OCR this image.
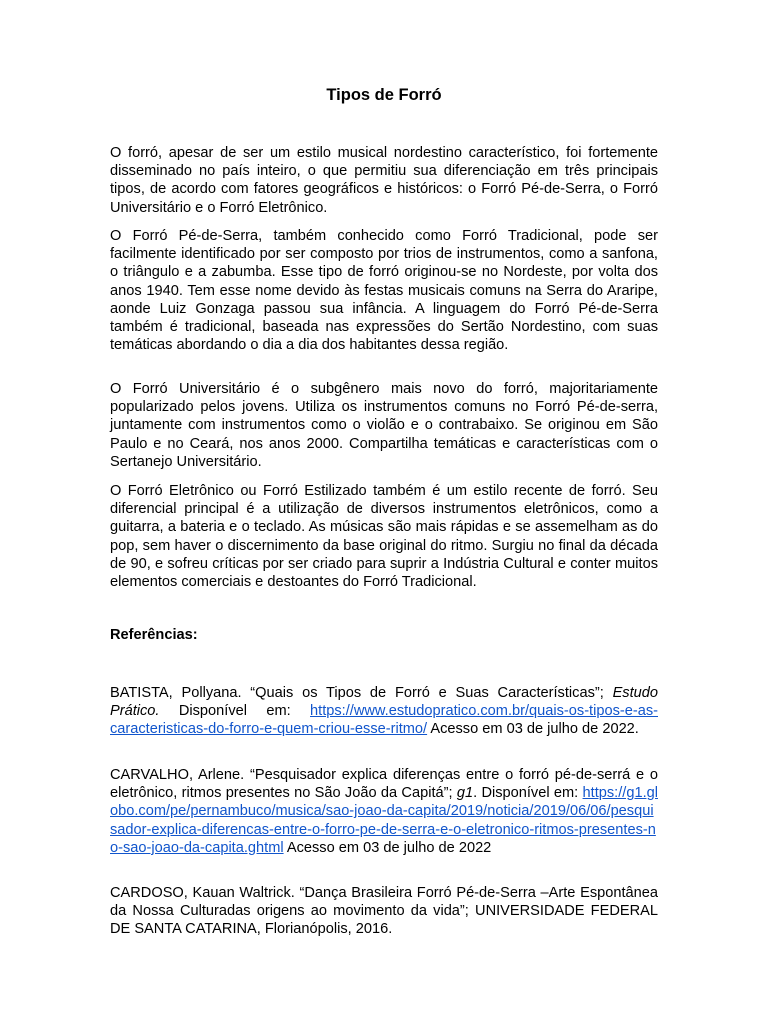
Tipos de Forró

O forró, apesar de ser um estilo musical nordestino característico, foi fortemente disseminado no país inteiro, o que permitiu sua diferenciação em três principais tipos, de acordo com fatores geográficos e históricos: o Forró Pé-de-Serra, o Forró Universitário e o Forró Eletrônico.

O Forró Pé-de-Serra, também conhecido como Forró Tradicional, pode ser facilmente identificado por ser composto por trios de instrumentos, como a sanfona, o triângulo e a zabumba. Esse tipo de forró originou-se no Nordeste, por volta dos anos 1940. Tem esse nome devido às festas musicais comuns na Serra do Araripe, aonde Luiz Gonzaga passou sua infância. A linguagem do Forró Pé-de-Serra também é tradicional, baseada nas expressões do Sertão Nordestino, com suas temáticas abordando o dia a dia dos habitantes dessa região.

O Forró Universitário é o subgênero mais novo do forró, majoritariamente popularizado pelos jovens. Utiliza os instrumentos comuns no Forró Pé-de-serra, juntamente com instrumentos como o violão e o contrabaixo. Se originou em São Paulo e no Ceará, nos anos 2000. Compartilha temáticas e características com o Sertanejo Universitário.

O Forró Eletrônico ou Forró Estilizado também é um estilo recente de forró. Seu diferencial principal é a utilização de diversos instrumentos eletrônicos, como a guitarra, a bateria e o teclado. As músicas são mais rápidas e se assemelham as do pop, sem haver o discernimento da base original do ritmo. Surgiu no final da década de 90, e sofreu críticas por ser criado para suprir a Indústria Cultural e conter muitos elementos comerciais e destoantes do Forró Tradicional.

Referências:

BATISTA, Pollyana. “Quais os Tipos de Forró e Suas Características”; Estudo Prático. Disponível em: https://www.estudopratico.com.br/quais-os-tipos-e-as-caracteristicas-do-forro-e-quem-criou-esse-ritmo/ Acesso em 03 de julho de 2022.

CARVALHO, Arlene. “Pesquisador explica diferenças entre o forró pé-de-serrá e o eletrônico, ritmos presentes no São João da Capitá”; g1. Disponível em: https://g1.globo.com/pe/pernambuco/musica/sao-joao-da-capita/2019/noticia/2019/06/06/pesquisador-explica-diferencas-entre-o-forro-pe-de-serra-e-o-eletronico-ritmos-presentes-no-sao-joao-da-capita.ghtml Acesso em 03 de julho de 2022

CARDOSO, Kauan Waltrick. “Dança Brasileira Forró Pé-de-Serra –Arte Espontânea da Nossa Culturadas origens ao movimento da vida”; UNIVERSIDADE FEDERAL DE SANTA CATARINA, Florianópolis, 2016.
